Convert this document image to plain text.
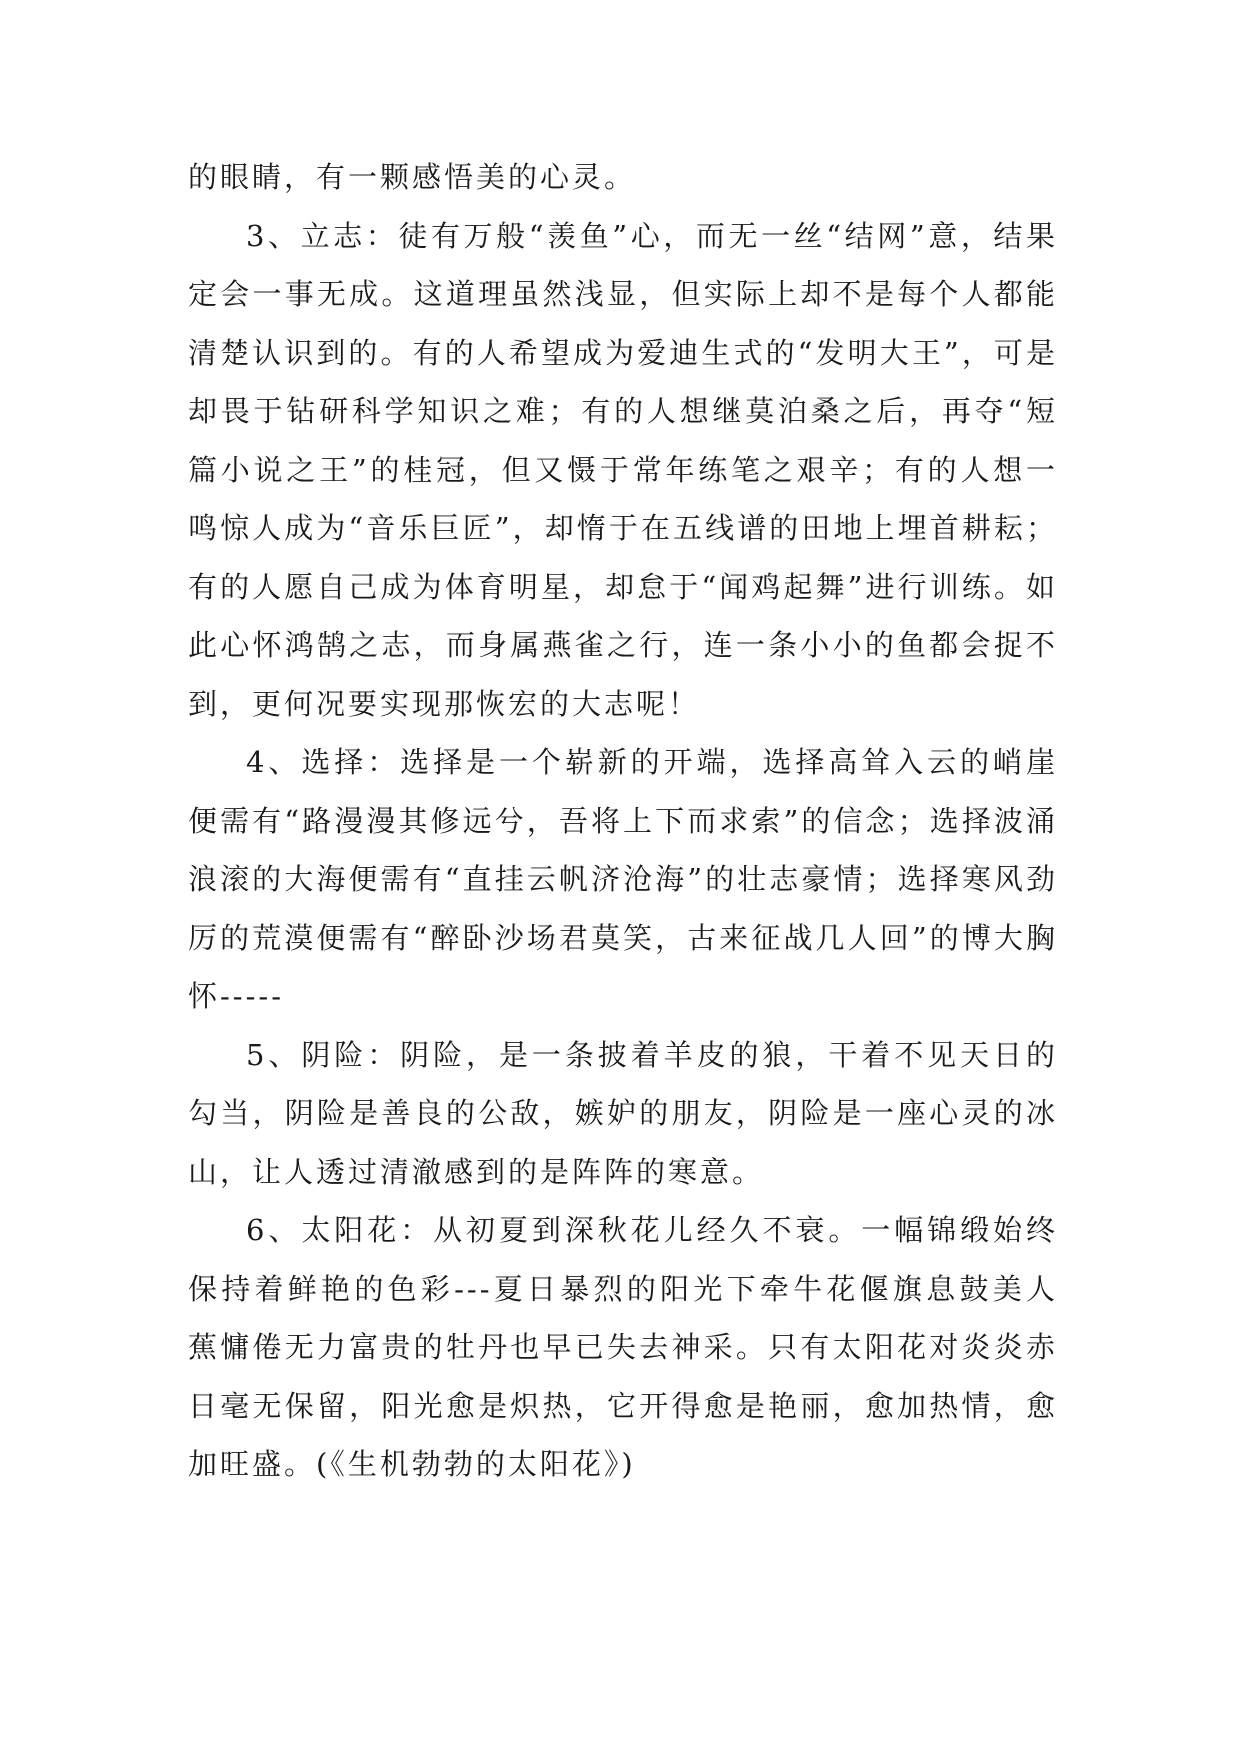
的眼睛，有一颗感悟美的心灵。

3、立志：徒有万般“羡鱼”心，而无一丝“结网”意，结果定会一事无成。这道理虽然浅显，但实际上却不是每个人都能清楚认识到的。有的人希望成为爱迪生式的“发明大王”，可是却畏于钻研科学知识之难；有的人想继莫泊桑之后，再夺“短篇小说之王”的桂冠，但又慑于常年练笔之艰辛；有的人想一鸣惊人成为“音乐巨匠”，却惰于在五线谱的田地上埋首耕耘；有的人愿自己成为体育明星，却怠于“闻鸡起舞”进行训练。如此心怀鸿鹄之志，而身属燕雀之行，连一条小小的鱼都会捉不到，更何况要实现那恢宏的大志呢！

4、选择：选择是一个崭新的开端，选择高耸入云的峭崖便需有“路漫漫其修远兮，吾将上下而求索”的信念；选择波涌浪滚的大海便需有“直挂云帆济沧海”的壮志豪情；选择寒风劲厉的荒漠便需有“醉卧沙场君莫笑，古来征战几人回”的博大胸怀-----

5、阴险：阴险，是一条披着羊皮的狼，干着不见天日的勾当，阴险是善良的公敌，嫉妒的朋友，阴险是一座心灵的冰山，让人透过清澈感到的是阵阵的寒意。

6、太阳花：从初夏到深秋花儿经久不衰。一幅锦缎始终保持着鲜艳的色彩---夏日暴烈的阳光下牵牛花偃旗息鼓美人蕉慵倦无力富贵的牡丹也早已失去神采。只有太阳花对炎炎赤日毫无保留，阳光愈是炽热，它开得愈是艳丽，愈加热情，愈加旺盛。(《生机勃勃的太阳花》)
